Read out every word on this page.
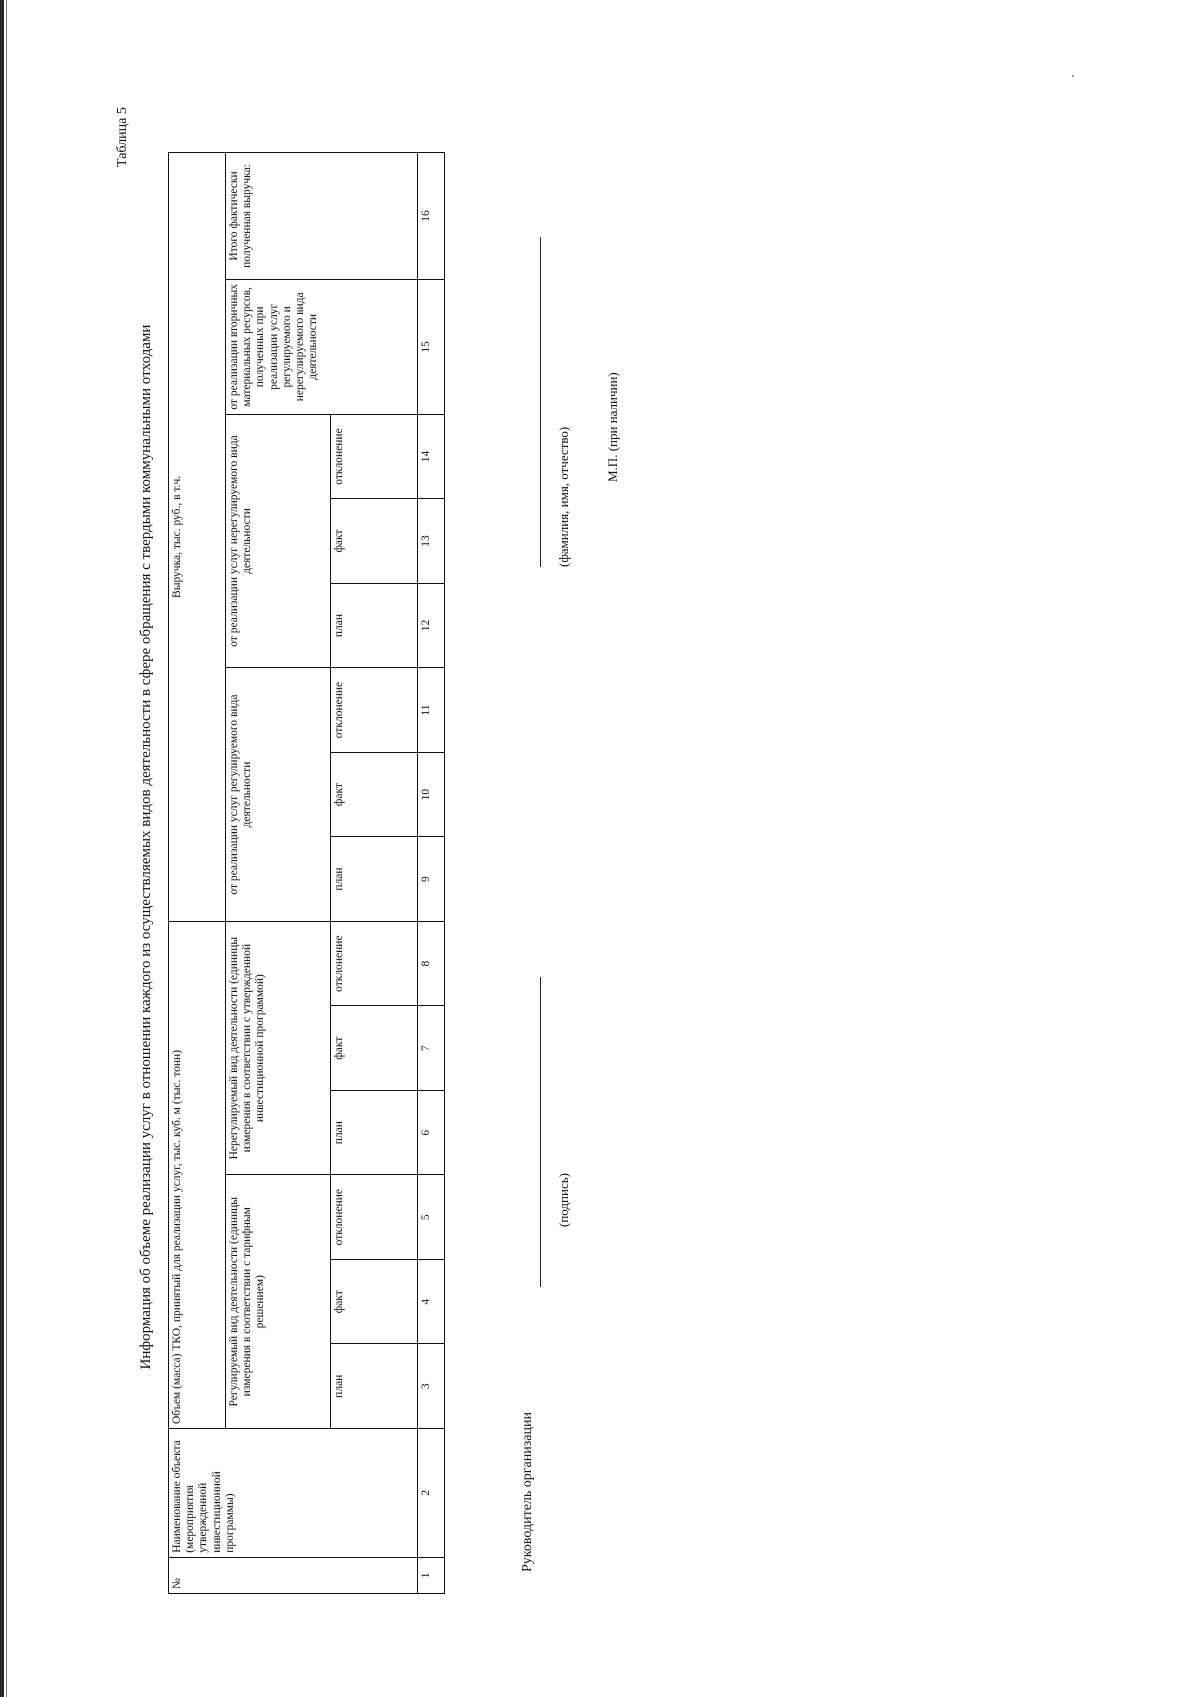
Таблица 5
Информация об объеме реализации услуг в отношении каждого из осуществляемых видов деятельности в сфере обращения с твердыми коммунальными отходами
№	Наименование объекта (мероприятия утвержденной инвестиционной программы)	Объем (масса) ТКО, принятый для реализации услуг, тыс. куб. м (тыс. тонн)						Выручка, тыс. руб., в т.ч.							
		Регулируемый вид деятельности (единицы измерения в соответствии с тарифным решением)			Нерегулируемый вид деятельности (единицы измерения в соответствии с утвержденной инвестиционной программой)			от реализации услуг регулируемого вида деятельности			от реализации услуг нерегулируемого вида деятельности			от реализации вторичных материальных ресурсов, полученных при реализации услуг регулируемого и нерегулируемого вида деятельности	Итого фактически полученная выручка:
		план	факт	отклонение	план	факт	отклонение	план	факт	отклонение	план	факт	отклонение		
1	2	3	4	5	6	7	8	9	10	11	12	13	14	15	16
Руководитель организации
(подпись)
(фамилия, имя, отчество)	М.П. (при наличии)
